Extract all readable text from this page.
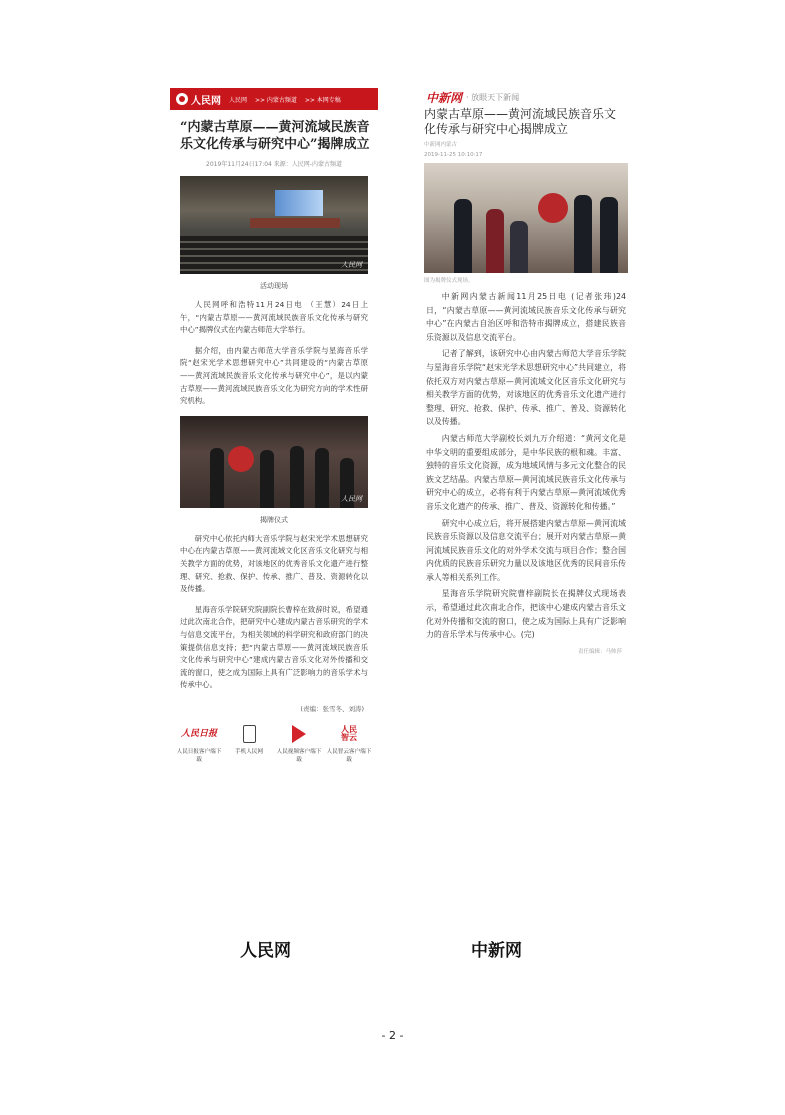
人民网 人民网 >> 内蒙古频道 >> 本网专稿
“内蒙古草原——黄河流域民族音乐文化传承与研究中心”揭牌成立
2019年11月24日17:04 来源：人民网-内蒙古频道
人民网
活动现场

人民网呼和浩特11月24日电 （王慧）24日上午，“内蒙古草原——黄河流域民族音乐文化传承与研究中心”揭牌仪式在内蒙古师范大学举行。

据介绍，由内蒙古师范大学音乐学院与星海音乐学院“赵宋光学术思想研究中心”共同建设的“内蒙古草原——黄河流域民族音乐文化传承与研究中心”，是以内蒙古草原——黄河流域民族音乐文化为研究方向的学术性研究机构。

人民网
揭牌仪式

研究中心依托内师大音乐学院与赵宋光学术思想研究中心在内蒙古草原——黄河流域文化区音乐文化研究与相关教学方面的优势，对该地区的优秀音乐文化遗产进行整理、研究、抢救、保护、传承、推广、普及、资源转化以及传播。

星海音乐学院研究院副院长曹梓在致辞时说，希望通过此次南北合作，把研究中心建成内蒙古音乐研究的学术与信息交流平台，为相关领域的科学研究和政府部门的决策提供信息支持；把“内蒙古草原——黄河流域民族音乐文化传承与研究中心”建成内蒙古音乐文化对外传播和交流的窗口，使之成为国际上具有广泛影响力的音乐学术与传承中心。

(责编：张雪冬、刘涛)
人民日报
人民日报客户端下载
手机人民网	人民视频客户端下载
人民
智云
人民智云客户端下载
中新网 · 放眼天下新闻
内蒙古草原——黄河流域民族音乐文化传承与研究中心揭牌成立
中新网内蒙古
2019-11-25 10:10:17
图为揭牌仪式现场。

中新网内蒙古新闻11月25日电 (记者张玮)24日，“内蒙古草原——黄河流域民族音乐文化传承与研究中心”在内蒙古自治区呼和浩特市揭牌成立，搭建民族音乐资源以及信息交流平台。

记者了解到，该研究中心由内蒙古师范大学音乐学院与星海音乐学院“赵宋光学术思想研究中心”共同建立，将依托双方对内蒙古草原—黄河流域文化区音乐文化研究与相关教学方面的优势，对该地区的优秀音乐文化遗产进行整理、研究、抢救、保护、传承、推广、普及、资源转化以及传播。

内蒙古师范大学副校长刘九万介绍道：“黄河文化是中华文明的重要组成部分，是中华民族的根和魂。丰富、独特的音乐文化资源，成为地域风情与多元文化整合的民族文艺结晶。内蒙古草原—黄河流域民族音乐文化传承与研究中心的成立，必将有利于内蒙古草原—黄河流域优秀音乐文化遗产的传承、推广、普及、资源转化和传播。”

研究中心成立后，将开展搭建内蒙古草原—黄河流域民族音乐资源以及信息交流平台；展开对内蒙古草原—黄河流域民族音乐文化的对外学术交流与项目合作；整合国内优质的民族音乐研究力量以及该地区优秀的民间音乐传承人等相关系列工作。

星海音乐学院研究院曹梓副院长在揭牌仪式现场表示，希望通过此次南北合作，把该中心建成内蒙古音乐文化对外传播和交流的窗口，使之成为国际上具有广泛影响力的音乐学术与传承中心。(完)

责任编辑：马帅莎
人民网	中新网
- 2 -
